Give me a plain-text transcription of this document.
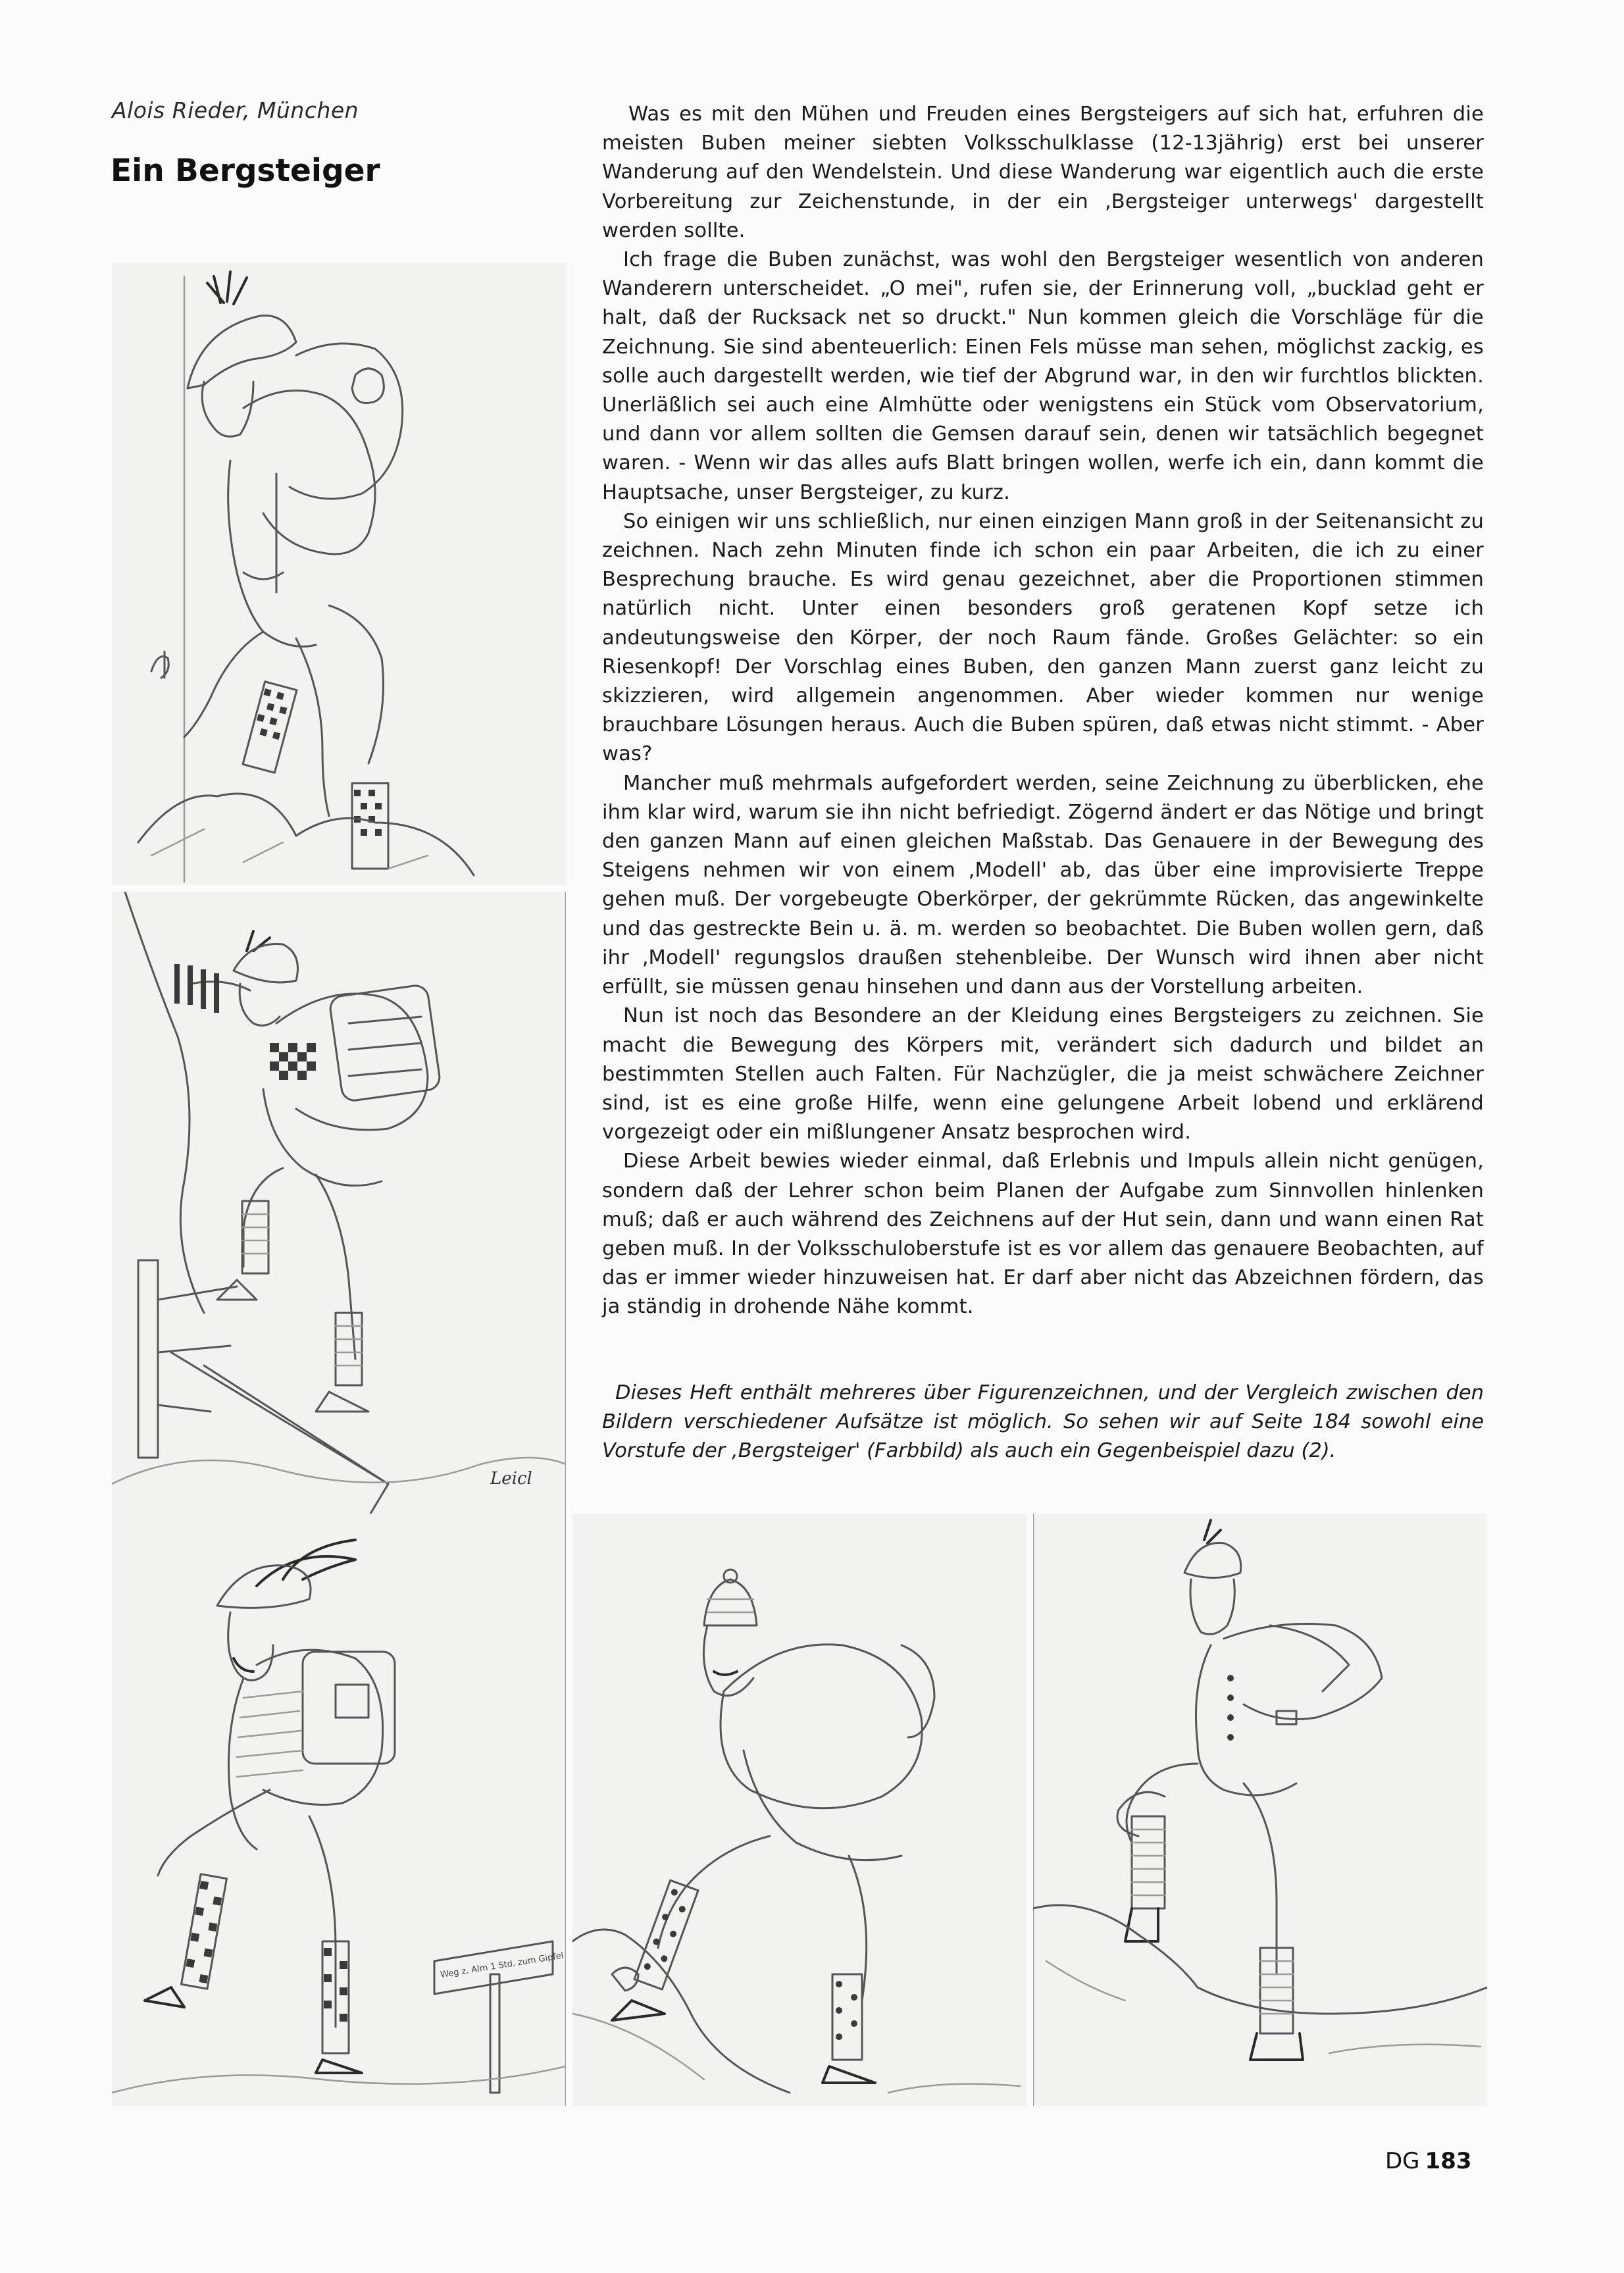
Alois Rieder, München
Ein Bergsteiger
Leicl
Weg z. Alm 1 Std. zum Gipfel

Was es mit den Mühen und Freuden eines Bergsteigers auf sich hat, erfuhren die meisten Buben meiner siebten Volksschulklasse (12-13jährig) erst bei unserer Wanderung auf den Wendelstein. Und diese Wanderung war eigentlich auch die erste Vorbereitung zur Zeichenstunde, in der ein ‚Bergsteiger unterwegs' dargestellt werden sollte.

Ich frage die Buben zunächst, was wohl den Bergsteiger wesentlich von anderen Wanderern unterscheidet. „O mei", rufen sie, der Erinnerung voll, „bucklad geht er halt, daß der Rucksack net so druckt." Nun kommen gleich die Vorschläge für die Zeichnung. Sie sind abenteuerlich: Einen Fels müsse man sehen, möglichst zackig, es solle auch dargestellt werden, wie tief der Abgrund war, in den wir furchtlos blickten. Unerläßlich sei auch eine Almhütte oder wenigstens ein Stück vom Observatorium, und dann vor allem sollten die Gemsen darauf sein, denen wir tatsächlich begegnet waren. - Wenn wir das alles aufs Blatt bringen wollen, werfe ich ein, dann kommt die Hauptsache, unser Bergsteiger, zu kurz.

So einigen wir uns schließlich, nur einen einzigen Mann groß in der Seitenansicht zu zeichnen. Nach zehn Minuten finde ich schon ein paar Arbeiten, die ich zu einer Besprechung brauche. Es wird genau gezeichnet, aber die Proportionen stimmen natürlich nicht. Unter einen besonders groß geratenen Kopf setze ich andeutungsweise den Körper, der noch Raum fände. Großes Gelächter: so ein Riesenkopf! Der Vorschlag eines Buben, den ganzen Mann zuerst ganz leicht zu skizzieren, wird allgemein angenommen. Aber wieder kommen nur wenige brauchbare Lösungen heraus. Auch die Buben spüren, daß etwas nicht stimmt. - Aber was?

Mancher muß mehrmals aufgefordert werden, seine Zeichnung zu überblicken, ehe ihm klar wird, warum sie ihn nicht befriedigt. Zögernd ändert er das Nötige und bringt den ganzen Mann auf einen gleichen Maßstab. Das Genauere in der Bewegung des Steigens nehmen wir von einem ‚Modell' ab, das über eine improvisierte Treppe gehen muß. Der vorgebeugte Oberkörper, der gekrümmte Rücken, das angewinkelte und das gestreckte Bein u. ä. m. werden so beobachtet. Die Buben wollen gern, daß ihr ‚Modell' regungslos draußen stehenbleibe. Der Wunsch wird ihnen aber nicht erfüllt, sie müssen genau hinsehen und dann aus der Vorstellung arbeiten.

Nun ist noch das Besondere an der Kleidung eines Bergsteigers zu zeichnen. Sie macht die Bewegung des Körpers mit, verändert sich dadurch und bildet an bestimmten Stellen auch Falten. Für Nachzügler, die ja meist schwächere Zeichner sind, ist es eine große Hilfe, wenn eine gelungene Arbeit lobend und erklärend vorgezeigt oder ein mißlungener Ansatz besprochen wird.

Diese Arbeit bewies wieder einmal, daß Erlebnis und Impuls allein nicht genügen, sondern daß der Lehrer schon beim Planen der Aufgabe zum Sinnvollen hinlenken muß; daß er auch während des Zeichnens auf der Hut sein, dann und wann einen Rat geben muß. In der Volksschuloberstufe ist es vor allem das genauere Beobachten, auf das er immer wieder hinzuweisen hat. Er darf aber nicht das Abzeichnen fördern, das ja ständig in drohende Nähe kommt.

Dieses Heft enthält mehreres über Figurenzeichnen, und der Vergleich zwischen den Bildern verschiedener Aufsätze ist möglich. So sehen wir auf Seite 184 sowohl eine Vorstufe der ‚Bergsteiger' (Farbbild) als auch ein Gegenbeispiel dazu (2).
DG 183
